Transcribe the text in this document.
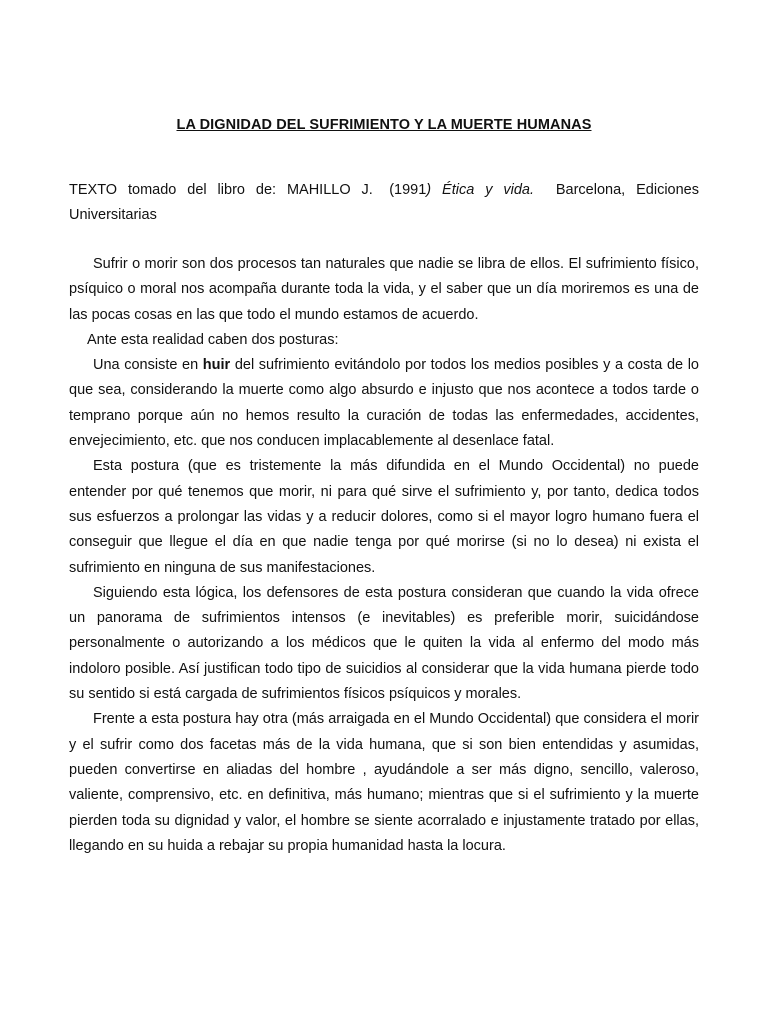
LA DIGNIDAD DEL SUFRIMIENTO Y LA MUERTE HUMANAS
TEXTO  tomado  del  libro  de:  MAHILLO  J.   (1991)  Ética  y  vida.    Barcelona,  Ediciones Universitarias

Sufrir o morir son dos procesos tan naturales que nadie se libra de ellos. El sufrimiento físico, psíquico o moral nos acompaña durante toda la vida, y el saber que un día moriremos es una de las pocas cosas en las que todo el mundo estamos de acuerdo.

Ante esta realidad caben dos posturas:

Una consiste en huir del sufrimiento evitándolo por todos los medios posibles y a costa de lo que sea, considerando la muerte como algo absurdo e injusto que nos acontece a todos tarde o temprano porque aún no hemos resulto la curación de todas las enfermedades, accidentes, envejecimiento, etc. que nos conducen implacablemente al desenlace fatal.

Esta postura (que es tristemente la más difundida en el Mundo Occidental) no puede entender por qué tenemos que morir, ni para qué sirve el sufrimiento y, por tanto, dedica todos sus esfuerzos a prolongar las vidas y a reducir dolores, como si el mayor logro humano fuera el conseguir que llegue el día en que nadie tenga por qué morirse (si no lo desea) ni exista el sufrimiento en ninguna de sus manifestaciones.

Siguiendo esta lógica, los defensores de esta postura consideran que cuando la vida ofrece un panorama de sufrimientos intensos (e inevitables) es preferible morir, suicidándose personalmente o autorizando a los médicos que le quiten la vida al enfermo del modo más indoloro posible. Así justifican todo tipo de suicidios al considerar que la vida humana pierde todo su sentido si está cargada de sufrimientos físicos psíquicos y morales.

Frente a esta postura hay otra (más arraigada en el Mundo Occidental) que considera el morir y el sufrir como dos facetas más de la vida humana, que si son bien entendidas y asumidas, pueden convertirse en aliadas del hombre , ayudándole a ser más digno, sencillo, valeroso, valiente, comprensivo, etc. en definitiva, más humano; mientras que si el sufrimiento y la muerte pierden toda su dignidad y valor, el hombre se siente acorralado e injustamente tratado por ellas, llegando en su huida a rebajar su propia humanidad hasta la locura.
